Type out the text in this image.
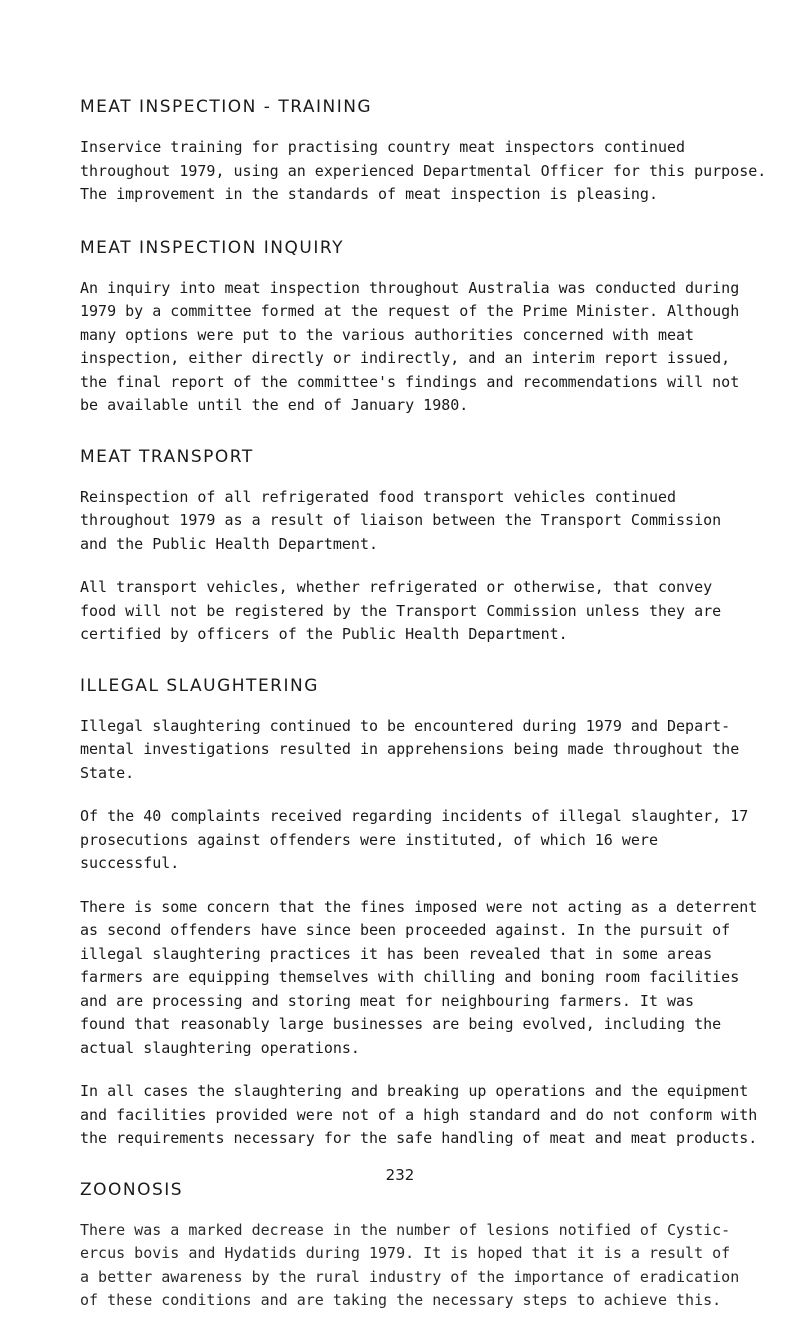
MEAT INSPECTION - TRAINING

Inservice training for practising country meat inspectors continued
throughout 1979, using an experienced Departmental Officer for this purpose.
The improvement in the standards of meat inspection is pleasing.

MEAT INSPECTION INQUIRY

An inquiry into meat inspection throughout Australia was conducted during
1979 by a committee formed at the request of the Prime Minister. Although
many options were put to the various authorities concerned with meat
inspection, either directly or indirectly, and an interim report issued,
the final report of the committee's findings and recommendations will not
be available until the end of January 1980.

MEAT TRANSPORT

Reinspection of all refrigerated food transport vehicles continued
throughout 1979 as a result of liaison between the Transport Commission
and the Public Health Department.

All transport vehicles, whether refrigerated or otherwise, that convey
food will not be registered by the Transport Commission unless they are
certified by officers of the Public Health Department.

ILLEGAL SLAUGHTERING

Illegal slaughtering continued to be encountered during 1979 and Depart-
mental investigations resulted in apprehensions being made throughout the
State.

Of the 40 complaints received regarding incidents of illegal slaughter, 17
prosecutions against offenders were instituted, of which 16 were
successful.

There is some concern that the fines imposed were not acting as a deterrent
as second offenders have since been proceeded against. In the pursuit of
illegal slaughtering practices it has been revealed that in some areas
farmers are equipping themselves with chilling and boning room facilities
and are processing and storing meat for neighbouring farmers. It was
found that reasonably large businesses are being evolved, including the
actual slaughtering operations.

In all cases the slaughtering and breaking up operations and the equipment
and facilities provided were not of a high standard and do not conform with
the requirements necessary for the safe handling of meat and meat products.

ZOONOSIS

There was a marked decrease in the number of lesions notified of Cystic-
ercus bovis and Hydatids during 1979. It is hoped that it is a result of
a better awareness by the rural industry of the importance of eradication
of these conditions and are taking the necessary steps to achieve this.

232
